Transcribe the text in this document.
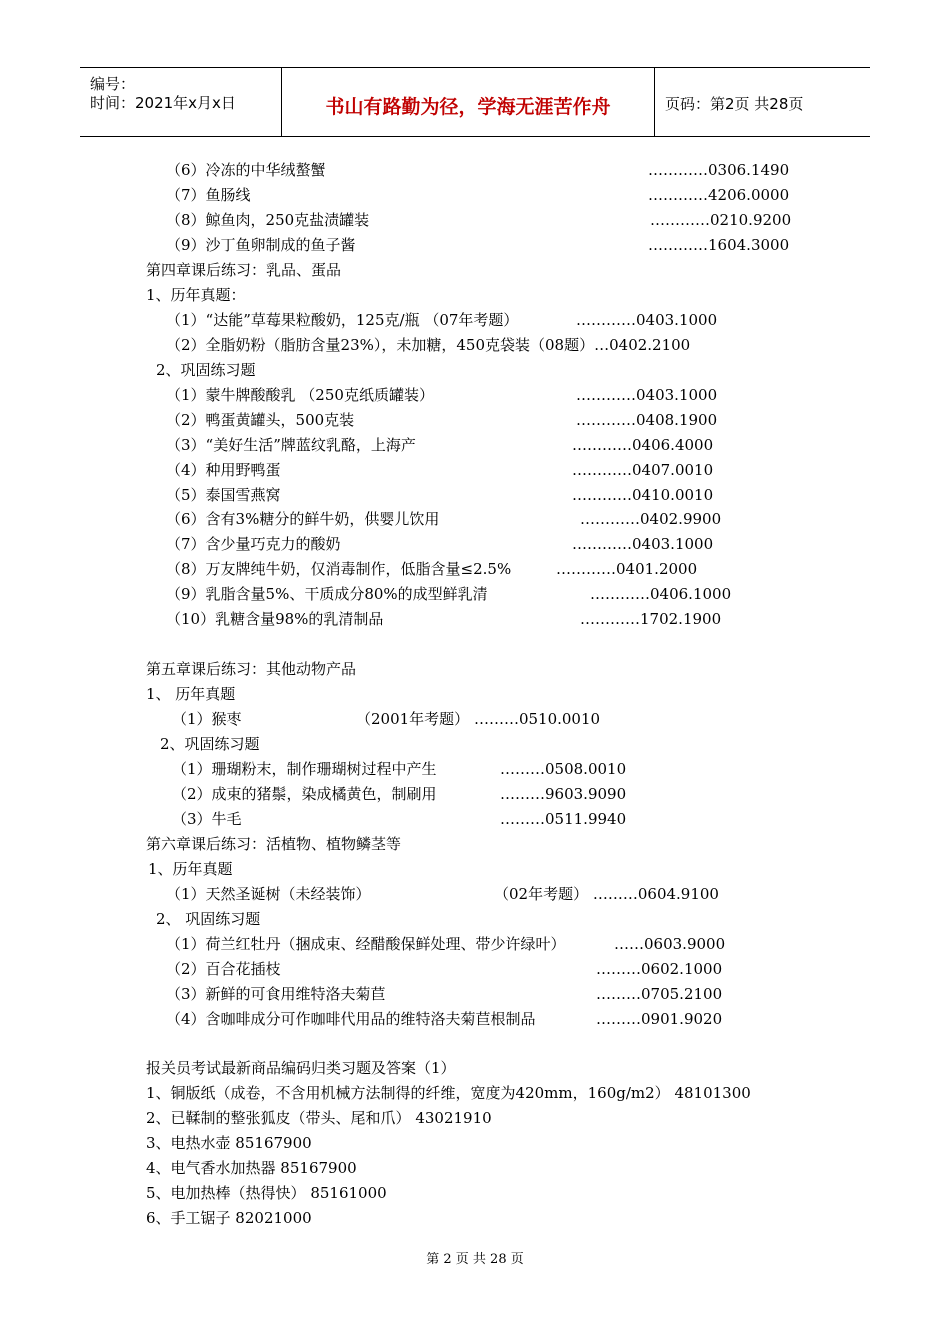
编号：
时间：2021年x月x日	书山有路勤为径，学海无涯苦作舟	页码：第2页 共28页
（6）冷冻的中华绒螯蟹	…………0306.1490
（7）鱼肠线	…………4206.0000
（8）鲸鱼肉，250克盐渍罐装	…………0210.9200
（9）沙丁鱼卵制成的鱼子酱	…………1604.3000
第四章课后练习：乳品、蛋品
1、历年真题：
（1）“达能”草莓果粒酸奶，125克/瓶 （07年考题）	…………0403.1000
（2）全脂奶粉（脂肪含量23%），未加糖，450克袋装（08题）…0402.2100
2、巩固练习题
（1）蒙牛牌酸酸乳 （250克纸质罐装）	…………0403.1000
（2）鸭蛋黄罐头，500克装	…………0408.1900
（3）“美好生活”牌蓝纹乳酪，上海产	…………0406.4000
（4）种用野鸭蛋	…………0407.0010
（5）泰国雪燕窝	…………0410.0010
（6）含有3%糖分的鲜牛奶，供婴儿饮用	…………0402.9900
（7）含少量巧克力的酸奶	…………0403.1000
（8）万友牌纯牛奶，仅消毒制作，低脂含量≤2.5%	…………0401.2000
（9）乳脂含量5%、干质成分80%的成型鲜乳清	…………0406.1000
（10）乳糖含量98%的乳清制品	…………1702.1900
第五章课后练习：其他动物产品
1、 历年真题
（1）猴枣	（2001年考题） ………0510.0010
2、巩固练习题
（1）珊瑚粉末，制作珊瑚树过程中产生	………0508.0010
（2）成束的猪鬃，染成橘黄色，制刷用	………9603.9090
（3）牛毛	………0511.9940
第六章课后练习：活植物、植物鳞茎等
1、历年真题
（1）天然圣诞树（未经装饰）	（02年考题） ………0604.9100
2、 巩固练习题
（1）荷兰红牡丹（捆成束、经醋酸保鲜处理、带少许绿叶）	……0603.9000
（2）百合花插枝	………0602.1000
（3）新鲜的可食用维特洛夫菊苣	………0705.2100
（4）含咖啡成分可作咖啡代用品的维特洛夫菊苣根制品	………0901.9020
报关员考试最新商品编码归类习题及答案（1）
1、铜版纸（成卷，不含用机械方法制得的纤维，宽度为420mm，160g/m2） 48101300
2、已鞣制的整张狐皮（带头、尾和爪） 43021910
3、电热水壶 85167900
4、电气香水加热器 85167900
5、电加热棒（热得快） 85161000
6、手工锯子 82021000
第 2 页 共 28 页
